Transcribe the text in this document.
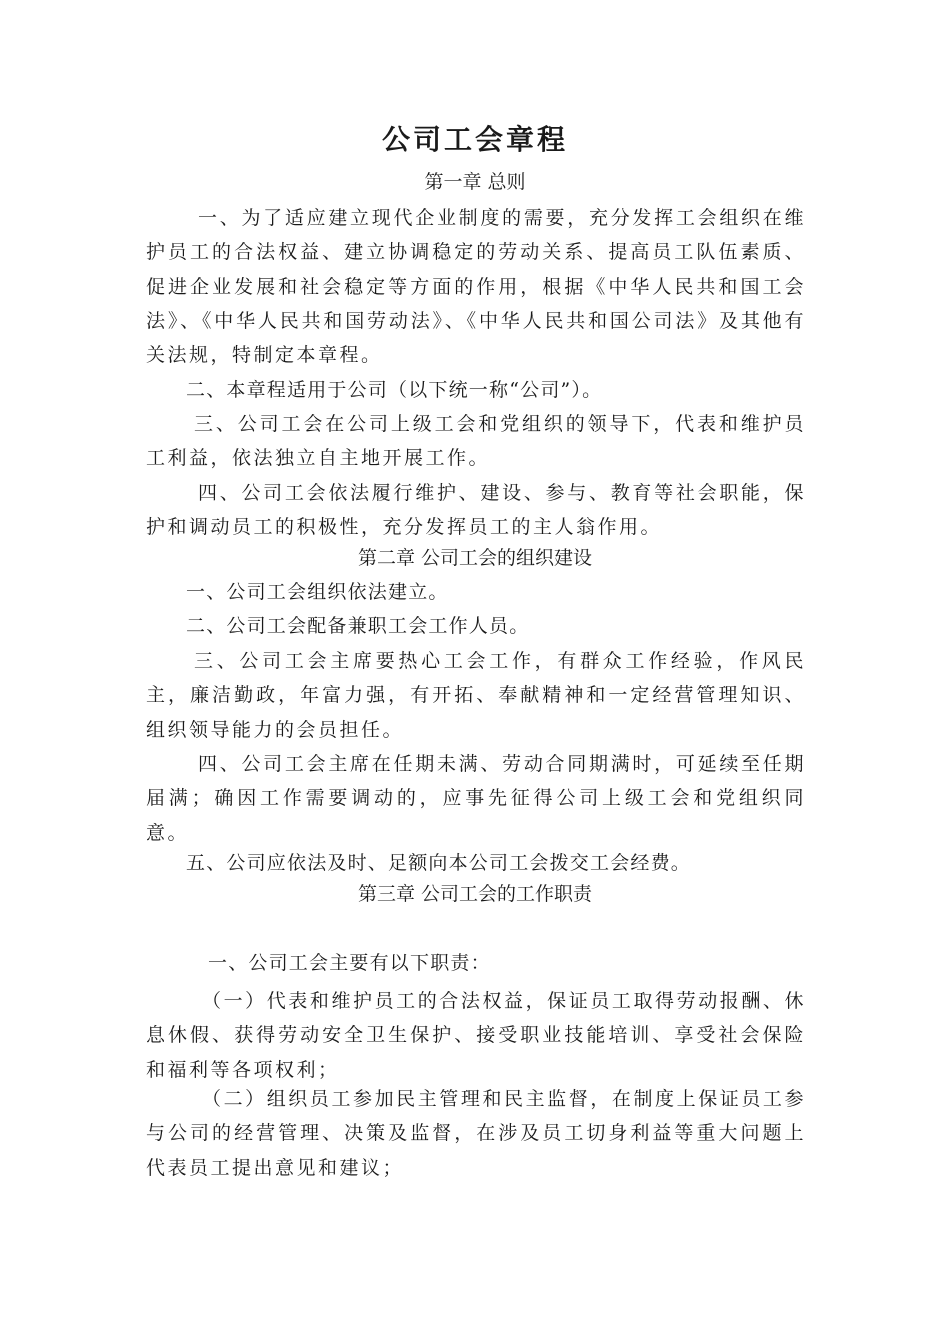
公司工会章程
第一章 总则
一、为了适应建立现代企业制度的需要，充分发挥工会组织在维护员工的合法权益、建立协调稳定的劳动关系、提高员工队伍素质、促进企业发展和社会稳定等方面的作用，根据《中华人民共和国工会法》、《中华人民共和国劳动法》、《中华人民共和国公司法》及其他有关法规，特制定本章程。
二、本章程适用于公司（以下统一称“公司”）。
三、公司工会在公司上级工会和党组织的领导下，代表和维护员工利益，依法独立自主地开展工作。
四、公司工会依法履行维护、建设、参与、教育等社会职能，保护和调动员工的积极性，充分发挥员工的主人翁作用。
第二章 公司工会的组织建设
一、公司工会组织依法建立。
二、公司工会配备兼职工会工作人员。
三、公司工会主席要热心工会工作，有群众工作经验，作风民主，廉洁勤政，年富力强，有开拓、奉献精神和一定经营管理知识、组织领导能力的会员担任。
四、公司工会主席在任期未满、劳动合同期满时，可延续至任期届满；确因工作需要调动的，应事先征得公司上级工会和党组织同意。
五、公司应依法及时、足额向本公司工会拨交工会经费。
第三章 公司工会的工作职责
一、公司工会主要有以下职责：
（一）代表和维护员工的合法权益，保证员工取得劳动报酬、休息休假、获得劳动安全卫生保护、接受职业技能培训、享受社会保险和福利等各项权利；
（二）组织员工参加民主管理和民主监督，在制度上保证员工参与公司的经营管理、决策及监督，在涉及员工切身利益等重大问题上代表员工提出意见和建议；
